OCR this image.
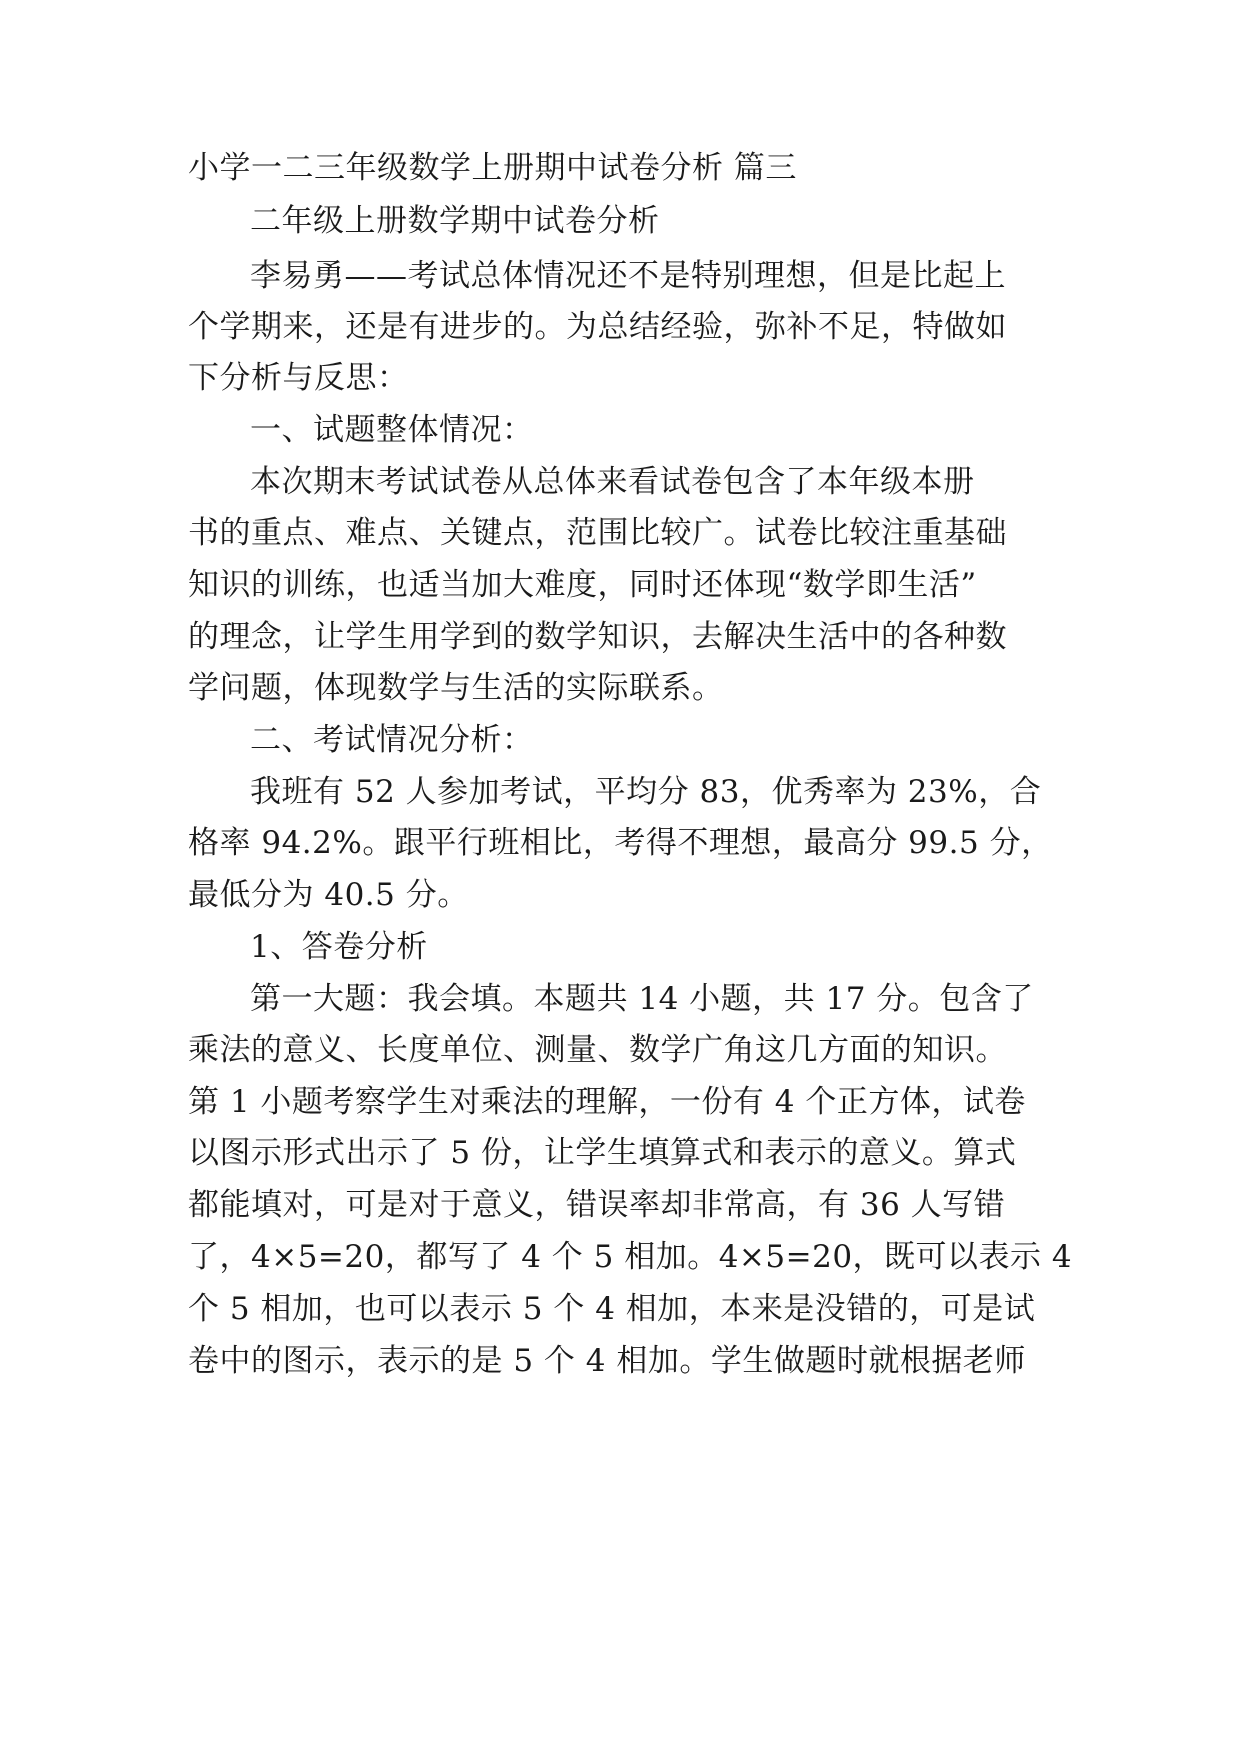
小学一二三年级数学上册期中试卷分析 篇三
二年级上册数学期中试卷分析
李易勇——考试总体情况还不是特别理想，但是比起上
个学期来，还是有进步的。为总结经验，弥补不足，特做如
下分析与反思：
一、试题整体情况：
本次期末考试试卷从总体来看试卷包含了本年级本册
书的重点、难点、关键点，范围比较广。试卷比较注重基础
知识的训练，也适当加大难度，同时还体现“数学即生活”
的理念，让学生用学到的数学知识，去解决生活中的各种数
学问题，体现数学与生活的实际联系。
二、考试情况分析：
我班有 52 人参加考试，平均分 83，优秀率为 23%，合
格率 94.2%。跟平行班相比，考得不理想，最高分 99.5 分，
最低分为 40.5 分。
1、答卷分析
第一大题：我会填。本题共 14 小题，共 17 分。包含了
乘法的意义、长度单位、测量、数学广角这几方面的知识。
第 1 小题考察学生对乘法的理解，一份有 4 个正方体，试卷
以图示形式出示了 5 份，让学生填算式和表示的意义。算式
都能填对，可是对于意义，错误率却非常高，有 36 人写错
了，4×5=20，都写了 4 个 5 相加。4×5=20，既可以表示 4
个 5 相加，也可以表示 5 个 4 相加，本来是没错的，可是试
卷中的图示，表示的是 5 个 4 相加。学生做题时就根据老师
